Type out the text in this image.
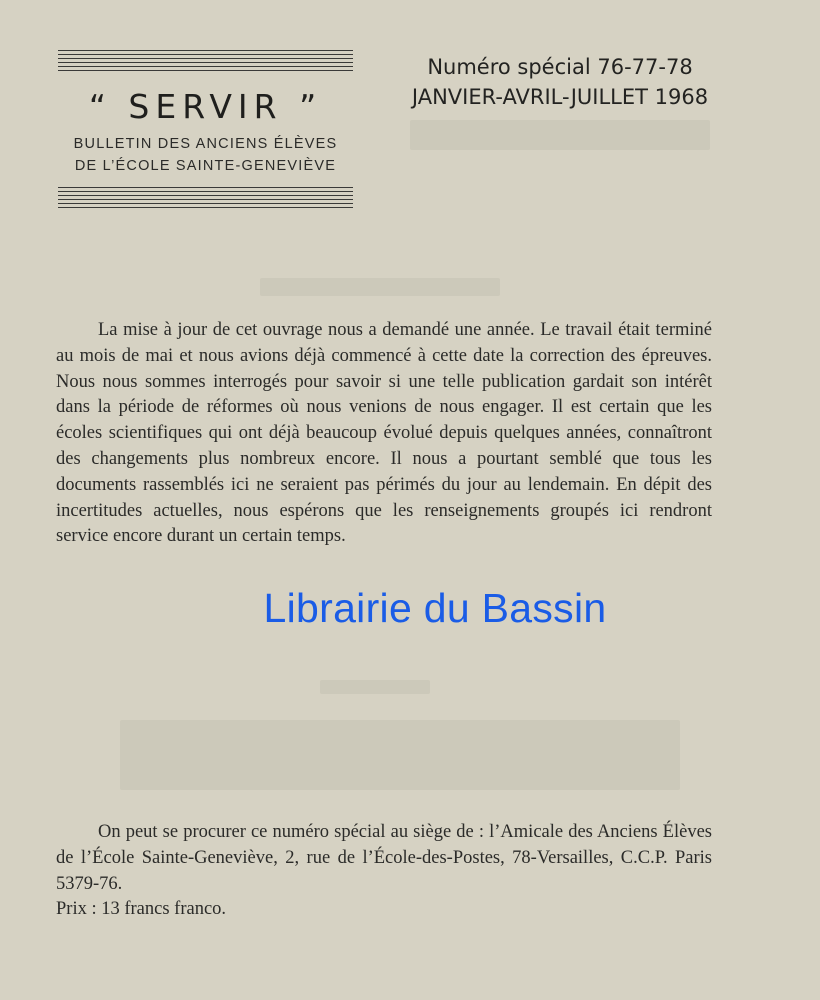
“ SERVIR ”
BULLETIN DES ANCIENS ÉLÈVES
DE L’ÉCOLE SAINTE-GENEVIÈVE
Numéro spécial 76-77-78
JANVIER-AVRIL-JUILLET 1968

La mise à jour de cet ouvrage nous a demandé une année. Le travail était terminé au mois de mai et nous avions déjà commencé à cette date la correction des épreuves. Nous nous sommes interrogés pour savoir si une telle publication gardait son intérêt dans la période de réformes où nous venions de nous engager. Il est certain que les écoles scientifiques qui ont déjà beaucoup évolué depuis quelques années, connaîtront des changements plus nombreux encore. Il nous a pourtant semblé que tous les documents rassemblés ici ne seraient pas périmés du jour au lendemain. En dépit des incertitudes actuelles, nous espérons que les renseignements groupés ici rendront service encore durant un certain temps.

Librairie du Bassin
On peut se procurer ce numéro spécial au siège de : l’Amicale des Anciens Élèves de l’École Sainte-Geneviève, 2, rue de l’École-des-Postes, 78-Versailles, C.C.P. Paris 5379-76.
Prix : 13 francs franco.
